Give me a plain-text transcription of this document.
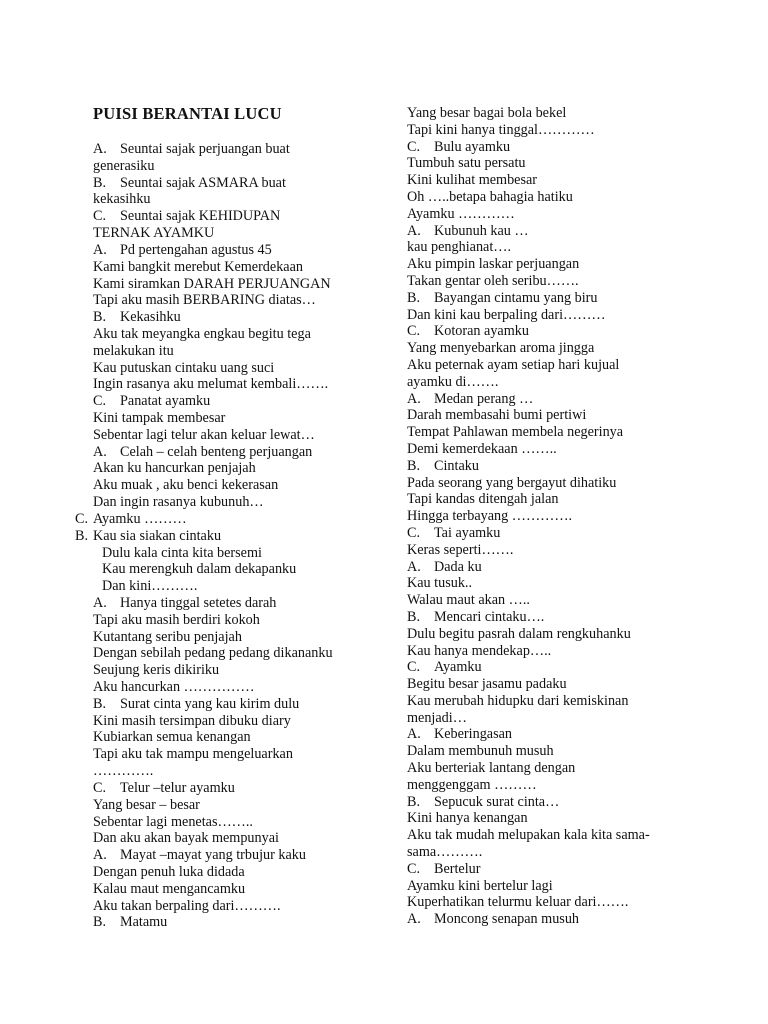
PUISI BERANTAI LUCU
A. Seuntai sajak perjuangan buat
generasiku
B. Seuntai sajak ASMARA buat
kekasihku
C. Seuntai sajak KEHIDUPAN
TERNAK AYAMKU
A. Pd pertengahan agustus 45
Kami bangkit merebut Kemerdekaan
Kami siramkan DARAH PERJUANGAN
Tapi aku masih BERBARING diatas…
B. Kekasihku
Aku tak meyangka engkau begitu tega
melakukan itu
Kau putuskan cintaku uang suci
Ingin rasanya aku melumat kembali…….
C. Panatat ayamku
Kini tampak membesar
Sebentar lagi telur akan keluar lewat…
A. Celah – celah benteng perjuangan
Akan ku hancurkan penjajah
Aku muak , aku benci kekerasan
Dan ingin rasanya kubunuh…
C. Ayamku ………
B. Kau sia siakan cintaku
Dulu kala cinta kita bersemi
Kau merengkuh dalam dekapanku
Dan kini……….
A. Hanya tinggal setetes darah
Tapi aku masih berdiri kokoh
Kutantang seribu penjajah
Dengan sebilah pedang pedang dikananku
Seujung keris dikiriku
Aku hancurkan ……………
B. Surat cinta yang kau kirim dulu
Kini masih tersimpan dibuku diary
Kubiarkan semua kenangan
Tapi aku tak mampu mengeluarkan
………….
C. Telur –telur ayamku
Yang besar – besar
Sebentar lagi menetas……..
Dan aku akan bayak mempunyai
A. Mayat –mayat yang trbujur kaku
Dengan penuh luka didada
Kalau maut mengancamku
Aku takan berpaling dari……….
B. Matamu
Yang besar bagai bola bekel
Tapi kini hanya tinggal…………
C. Bulu ayamku
Tumbuh satu persatu
Kini kulihat membesar
Oh …..betapa bahagia hatiku
Ayamku …………
A. Kubunuh kau …
kau penghianat….
Aku pimpin laskar perjuangan
Takan gentar oleh seribu…….
B. Bayangan cintamu yang biru
Dan kini kau berpaling dari………
C. Kotoran ayamku
Yang menyebarkan aroma jingga
Aku peternak ayam setiap hari kujual
ayamku di…….
A. Medan perang …
Darah membasahi bumi pertiwi
Tempat Pahlawan membela negerinya
Demi kemerdekaan ……..
B. Cintaku
Pada seorang yang bergayut dihatiku
Tapi kandas ditengah jalan
Hingga terbayang ………….
C. Tai ayamku
Keras seperti…….
A. Dada ku
Kau tusuk..
Walau maut akan …..
B. Mencari cintaku….
Dulu begitu pasrah dalam rengkuhanku
Kau hanya mendekap…..
C. Ayamku
Begitu besar jasamu padaku
Kau merubah hidupku dari kemiskinan
menjadi…
A. Keberingasan
Dalam membunuh musuh
Aku berteriak lantang dengan
menggenggam ………
B. Sepucuk surat cinta…
Kini hanya kenangan
Aku tak mudah melupakan kala kita sama-
sama……….
C. Bertelur
Ayamku kini bertelur lagi
Kuperhatikan telurmu keluar dari…….
A. Moncong senapan musuh
